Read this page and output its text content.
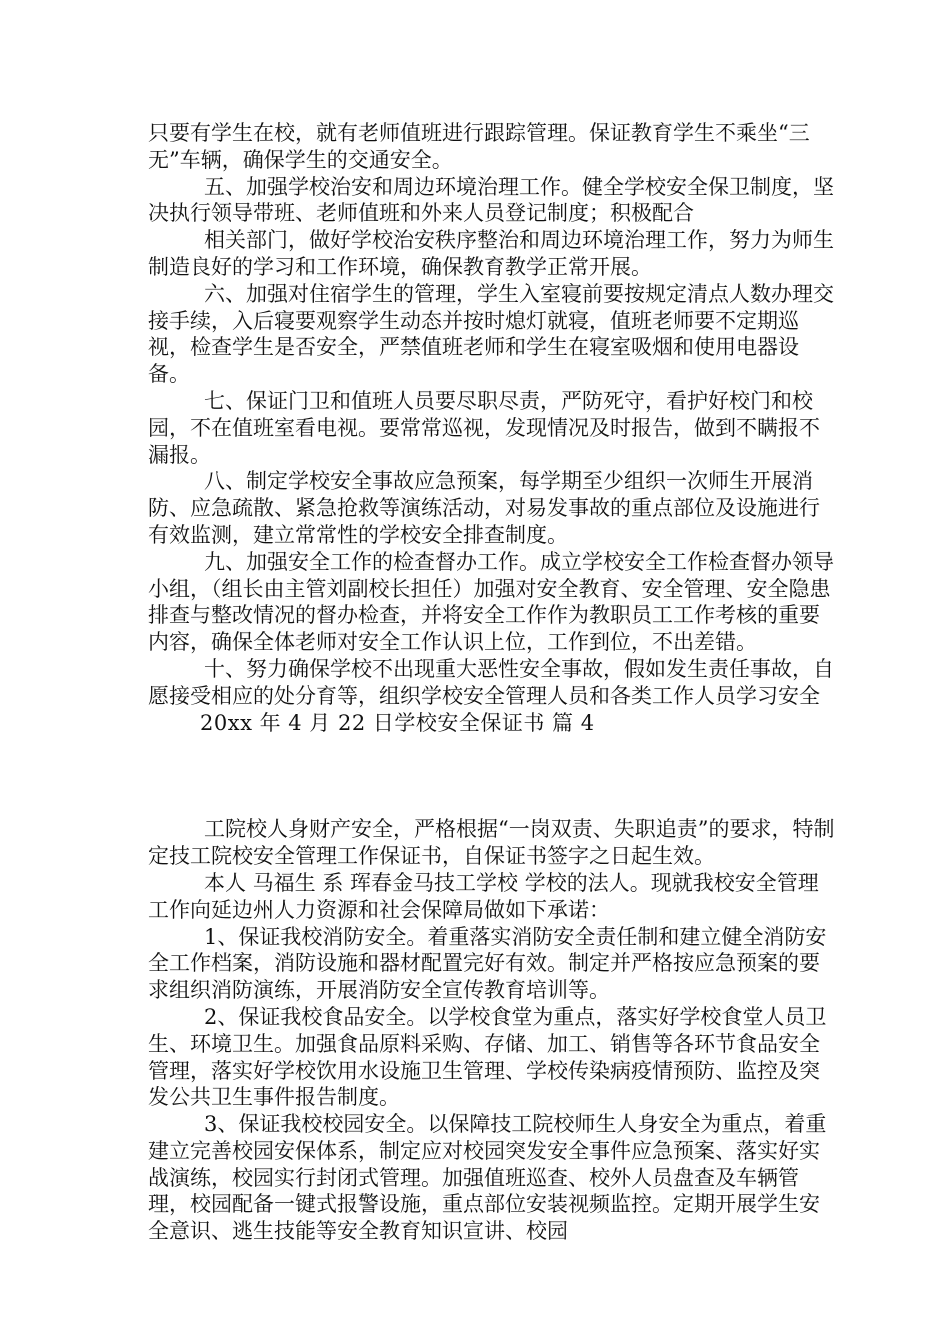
只要有学生在校，就有老师值班进行跟踪管理。保证教育学生不乘坐“三无”车辆，确保学生的交通安全。

五、加强学校治安和周边环境治理工作。健全学校安全保卫制度，坚决执行领导带班、老师值班和外来人员登记制度；积极配合

相关部门，做好学校治安秩序整治和周边环境治理工作，努力为师生制造良好的学习和工作环境，确保教育教学正常开展。

六、加强对住宿学生的管理，学生入室寝前要按规定清点人数办理交接手续，入后寝要观察学生动态并按时熄灯就寝，值班老师要不定期巡视，检查学生是否安全，严禁值班老师和学生在寝室吸烟和使用电器设备。

七、保证门卫和值班人员要尽职尽责，严防死守，看护好校门和校园，不在值班室看电视。要常常巡视，发现情况及时报告，做到不瞒报不漏报。

八、制定学校安全事故应急预案，每学期至少组织一次师生开展消防、应急疏散、紧急抢救等演练活动，对易发事故的重点部位及设施进行有效监测，建立常常性的学校安全排查制度。

九、加强安全工作的检查督办工作。成立学校安全工作检查督办领导小组，（组长由主管刘副校长担任）加强对安全教育、安全管理、安全隐患排查与整改情况的督办检查，并将安全工作作为教职员工工作考核的重要内容，确保全体老师对安全工作认识上位，工作到位，不出差错。

十、努力确保学校不出现重大恶性安全事故，假如发生责任事故，自愿接受相应的处分育等，组织学校安全管理人员和各类工作人员学习安全

20xx 年 4 月 22 日学校安全保证书 篇 4

工院校人身财产安全，严格根据“一岗双责、失职追责”的要求，特制定技工院校安全管理工作保证书，自保证书签字之日起生效。

本人 马福生 系 珲春金马技工学校 学校的法人。现就我校安全管理工作向延边州人力资源和社会保障局做如下承诺：

1、保证我校消防安全。着重落实消防安全责任制和建立健全消防安全工作档案，消防设施和器材配置完好有效。制定并严格按应急预案的要求组织消防演练，开展消防安全宣传教育培训等。

2、保证我校食品安全。以学校食堂为重点，落实好学校食堂人员卫生、环境卫生。加强食品原料采购、存储、加工、销售等各环节食品安全管理，落实好学校饮用水设施卫生管理、学校传染病疫情预防、监控及突发公共卫生事件报告制度。

3、保证我校校园安全。以保障技工院校师生人身安全为重点，着重建立完善校园安保体系，制定应对校园突发安全事件应急预案、落实好实战演练，校园实行封闭式管理。加强值班巡查、校外人员盘查及车辆管理，校园配备一键式报警设施，重点部位安装视频监控。定期开展学生安全意识、逃生技能等安全教育知识宣讲、校园
